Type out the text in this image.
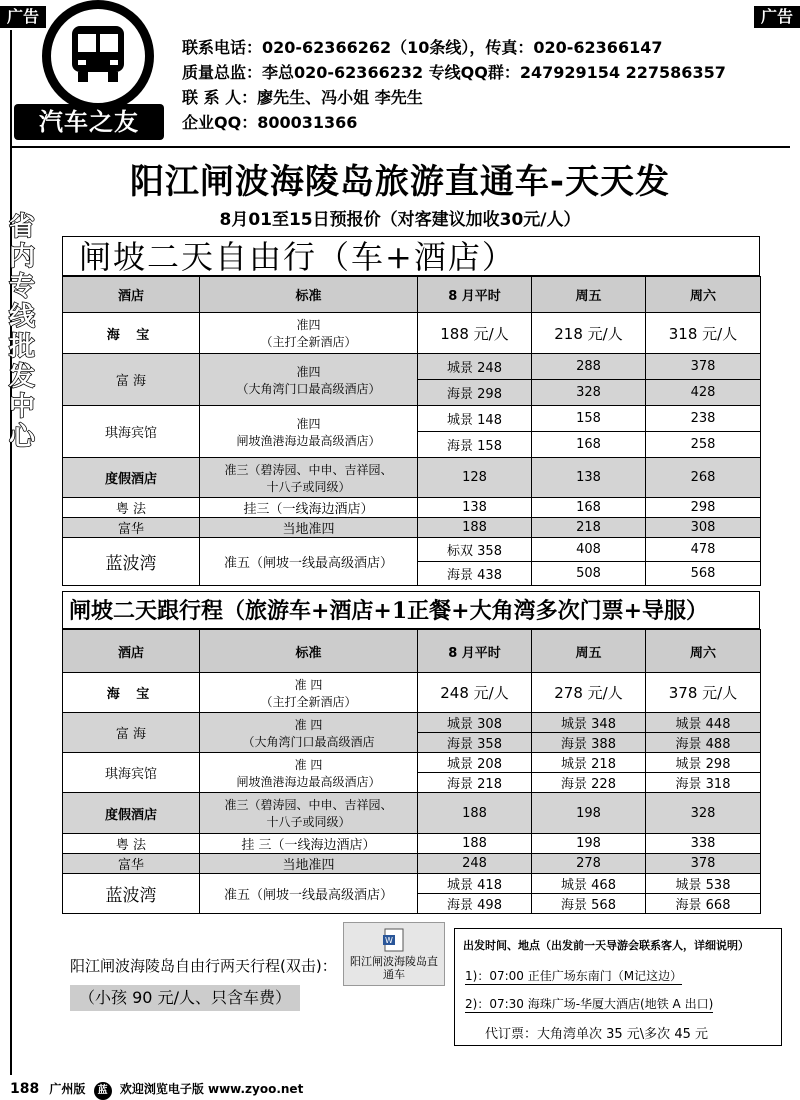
广告	广告
汽车之友
联系电话：020-62366262（10条线），传真：020-62366147
质量总监：李总020-62366232 专线QQ群：247929154 227586357
联 系 人：廖先生、冯小姐 李先生
企业QQ：800031366
省
内
专
线
批
发
中
心
阳江闸波海陵岛旅游直通车-天天发
8月01至15日预报价（对客建议加收30元/人）
闸坡二天自由行（车+酒店）
酒店	标准	8 月平时	周五	周六
海 宝	准四
（主打全新酒店）	188 元/人	218 元/人	318 元/人
富 海	准四
（大角湾门口最高级酒店）	城景 248	288	378
		海景 298	328	428
琪海宾馆	准四
闸坡渔港海边最高级酒店）	城景 148	158	238
		海景 158	168	258
度假酒店	准三（碧涛园、中申、吉祥园、
十八子或同级）	128	138	268
粤 法	挂三（一线海边酒店）	138	168	298
富华	当地准四	188	218	308
蓝波湾	准五（闸坡一线最高级酒店）	标双 358	408	478
		海景 438	508	568
闸坡二天跟行程（旅游车+酒店+1正餐+大角湾多次门票+导服）
酒店	标准	8 月平时	周五	周六
海 宝	准 四
（主打全新酒店）	248 元/人	278 元/人	378 元/人
富 海	准 四
（大角湾门口最高级酒店	城景 308	城景 348	城景 448
		海景 358	海景 388	海景 488
琪海宾馆	准 四
闸坡渔港海边最高级酒店）	城景 208	城景 218	城景 298
		海景 218	海景 228	海景 318
度假酒店	准三（碧涛园、中申、吉祥园、
十八子或同级）	188	198	328
粤 法	挂 三（一线海边酒店）	188	198	338
富华	当地准四	248	278	378
蓝波湾	准五（闸坡一线最高级酒店）	城景 418	城景 468	城景 538
		海景 498	海景 568	海景 668
阳江闸波海陵岛自由行两天行程(双击)：
（小孩 90 元/人、只含车费）
W
阳江闸波海陵岛直通车
出发时间、地点（出发前一天导游会联系客人，详细说明）
1)：07:00 正佳广场东南门（M记这边）
2)：07:30 海珠广场-华厦大酒店(地铁 A 出口)
代订票：大角湾单次 35 元\多次 45 元
188 广州版 蓝 欢迎浏览电子版 www.zyoo.net
